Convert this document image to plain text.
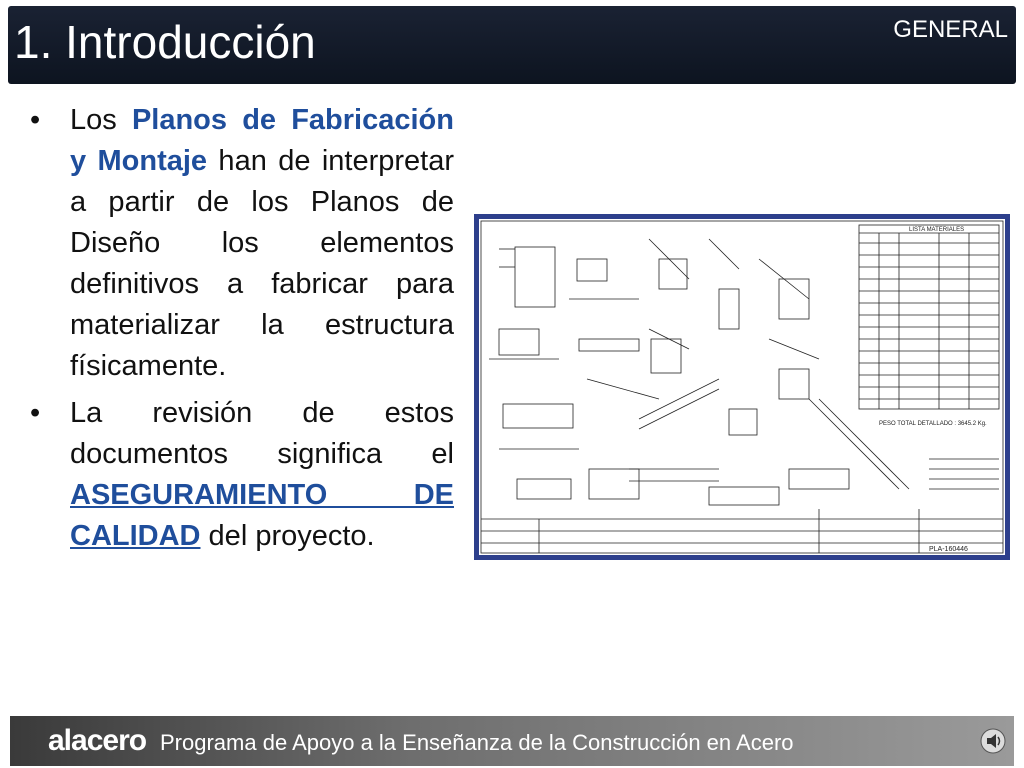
1. Introducción	GENERAL
• Los Planos de Fabricación y Montaje han de interpretar a partir de los Planos de Diseño los elementos definitivos a fabricar para materializar la estructura físicamente.
• La revisión de estos documentos significa el ASEGURAMIENTO DE CALIDAD del proyecto.
LISTA MATERIALES
PESO TOTAL DETALLADO : 3645.2 Kg.
PLA-160446
alacero Programa de Apoyo a la Enseñanza de la Construcción en Acero
